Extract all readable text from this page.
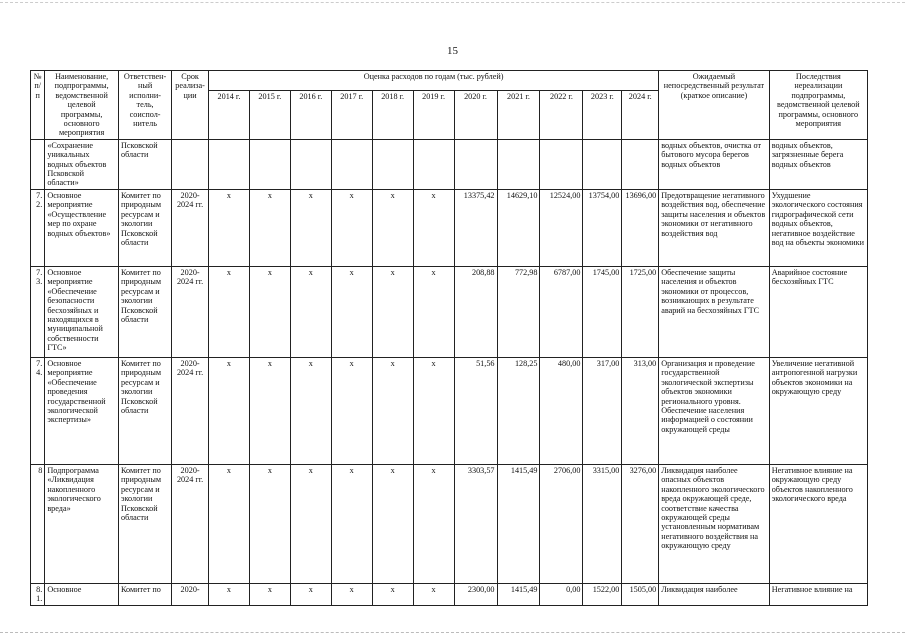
15
№ п/п	Наименование, подпрограммы, ведомственной целевой программы, основного мероприятия	Ответствен- ный исполни- тель, соиспол- нитель	Срок реализа- ции	Оценка расходов по годам (тыс. рублей)											Ожидаемый непосредственный результат (краткое описание)	Последствия нереализации подпрограммы, ведомственной целевой программы, основного мероприятия
				2014 г.	2015 г.	2016 г.	2017 г.	2018 г.	2019 г.	2020 г.	2021 г.	2022 г.	2023 г.	2024 г.		
	«Сохранение уникальных водных объектов Псковской области»	Псковской области													водных объектов, очистка от бытового мусора берегов водных объектов	водных объектов, загрязненные берега водных объектов
7.2.	Основное мероприятие «Осуществление мер по охране водных объектов»	Комитет по природным ресурсам и экологии Псковской области	2020-2024 гг.	x	x	x	x	x	x	13375,42	14629,10	12524,00	13754,00	13696,00	Предотвращение негативного воздействия вод, обеспечение защиты населения и объектов экономики от негативного воздействия вод	Ухудшение экологического состояния гидрографической сети водных объектов, негативное воздействие вод на объекты экономики
7.3.	Основное мероприятие «Обеспечение безопасности бесхозяйных и находящихся в муниципальной собственности ГТС»	Комитет по природным ресурсам и экологии Псковской области	2020-2024 гг.	x	x	x	x	x	x	208,88	772,98	6787,00	1745,00	1725,00	Обеспечение защиты населения и объектов экономики от процессов, возникающих в результате аварий на бесхозяйных ГТС	Аварийное состояние бесхозяйных ГТС
7.4.	Основное мероприятие «Обеспечение проведения государственной экологической экспертизы»	Комитет по природным ресурсам и экологии Псковской области	2020-2024 гг.	x	x	x	x	x	x	51,56	128,25	480,00	317,00	313,00	Организация и проведение государственной экологической экспертизы объектов экономики регионального уровня. Обеспечение населения информацией о состоянии окружающей среды	Увеличение негативной антропогенной нагрузки объектов экономики на окружающую среду
8	Подпрограмма «Ликвидация накопленного экологического вреда»	Комитет по природным ресурсам и экологии Псковской области	2020-2024 гг.	x	x	x	x	x	x	3303,57	1415,49	2706,00	3315,00	3276,00	Ликвидация наиболее опасных объектов накопленного экологического вреда окружающей среде, соответствие качества окружающей среды установленным нормативам негативного воздействия на окружающую среду	Негативное влияние на окружающую среду объектов накопленного экологического вреда
8.1.	Основное	Комитет по	2020-	x	x	x	x	x	x	2300,00	1415,49	0,00	1522,00	1505,00	Ликвидация наиболее	Негативное влияние на
